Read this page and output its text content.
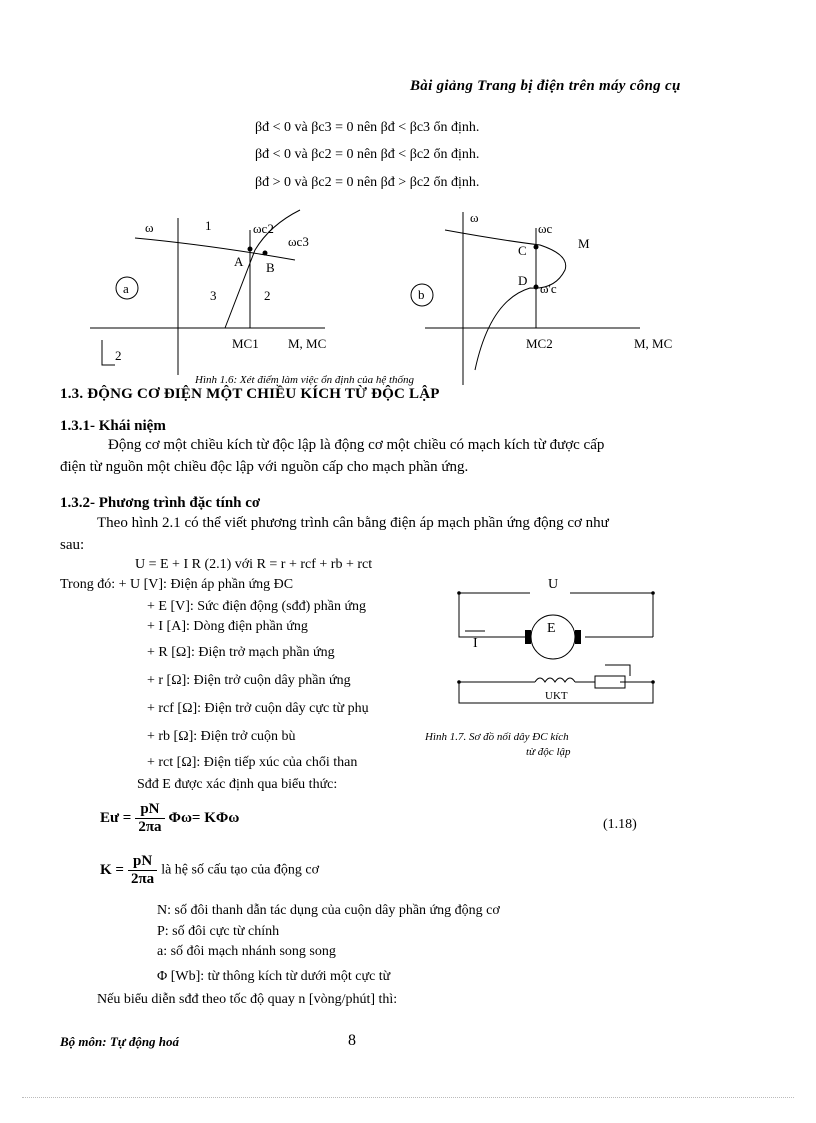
Bài giảng Trang bị điện trên máy công cụ
βđ < 0 và βc3 = 0 nên βđ < βc3 ổn định.
βđ < 0 và βc2 = 0 nên βđ < βc2 ổn định.
βđ > 0 và βc2 = 0 nên βđ > βc2 ổn định.
ω	1	ωc2
ωc3
A B
a	3	2
MC1 M, MC
2
ω
ωc
M
C
D
ω'c
b
MC2	M, MC
Hình 1.6: Xét điểm làm việc ổn định của hệ thống
1.3. ĐỘNG CƠ ĐIỆN MỘT CHIỀU KÍCH TỪ ĐỘC LẬP
1.3.1- Khái niệm
Động cơ một chiều kích từ độc lập là động cơ một chiều có mạch kích từ được cấp
điện từ nguồn một chiều độc lập với nguồn cấp cho mạch phần ứng.
1.3.2- Phương trình đặc tính cơ
Theo hình 2.1 có thể viết phương trình cân bằng điện áp mạch phần ứng động cơ như
sau:
U = E + I R (2.1) với R = r + rcf + rb + rct
Trong đó: + U [V]: Điện áp phần ứng ĐC
+ E [V]: Sức điện động (sđđ) phần ứng
+ I [A]: Dòng điện phần ứng
+ R [Ω]: Điện trở mạch phần ứng
+ r [Ω]: Điện trở cuộn dây phần ứng
+ rcf [Ω]: Điện trở cuộn dây cực từ phụ
+ rb [Ω]: Điện trở cuộn bù
+ rct [Ω]: Điện tiếp xúc của chổi than
Sđđ E được xác định qua biểu thức:
U
E
I
UKT
Hình 1.7. Sơ đồ nối dây ĐC kích
từ độc lập
Eư = $\frac{pN}{2\pi a} \Phi\omega= K\Phi\omega$	(1.18)
$K = \frac{pN}{2\pi a}$ là hệ số cấu tạo của động cơ
N: số đôi thanh dẫn tác dụng của cuộn dây phần ứng động cơ
P: số đôi cực từ chính
a: số đôi mạch nhánh song song
Φ [Wb]: từ thông kích từ dưới một cực từ
Nếu biểu diễn sđđ theo tốc độ quay n [vòng/phút] thì:
Bộ môn: Tự động hoá	8
